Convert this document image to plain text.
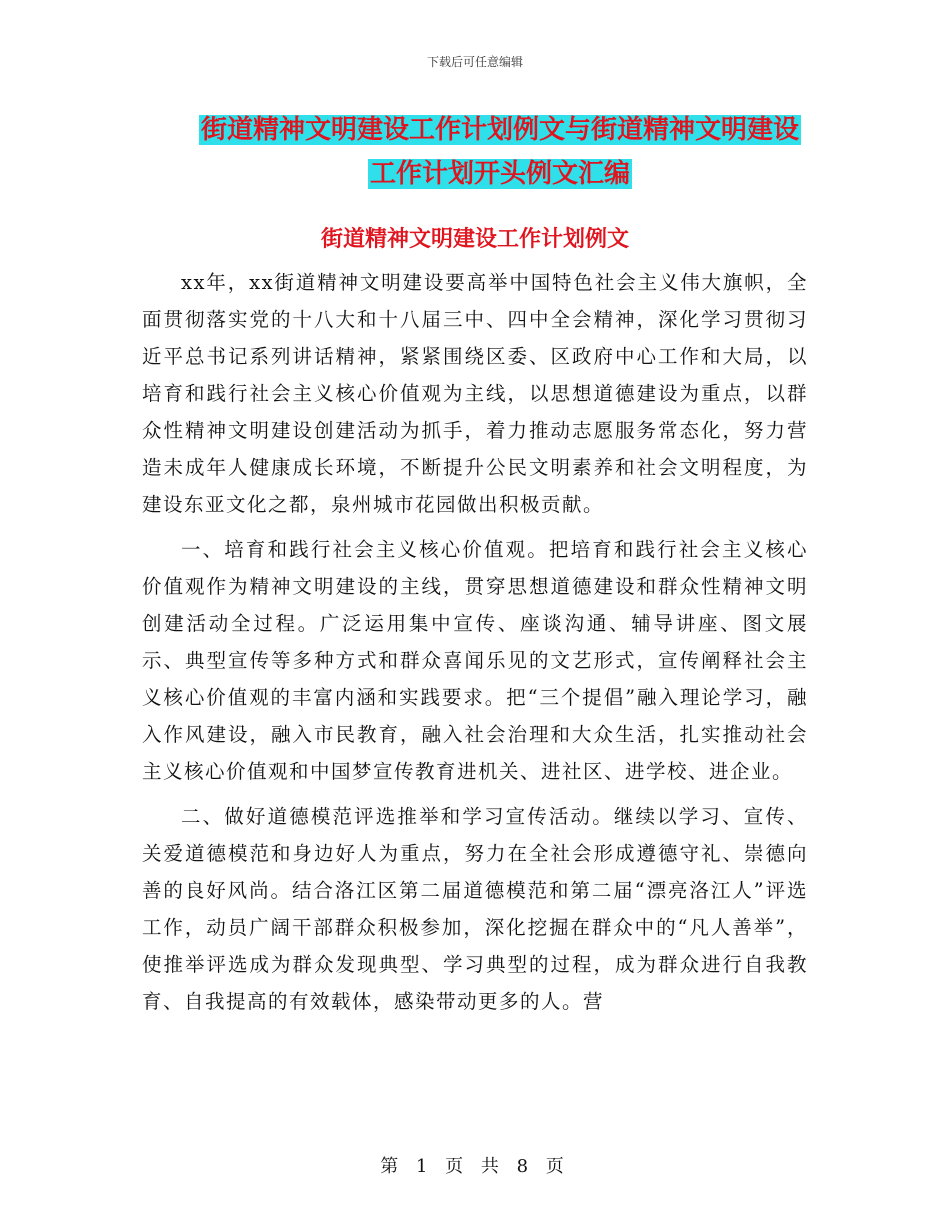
下载后可任意编辑
街道精神文明建设工作计划例文与街道精神文明建设
工作计划开头例文汇编
街道精神文明建设工作计划例文

xx年，xx街道精神文明建设要高举中国特色社会主义伟大旗帜，全面贯彻落实党的十八大和十八届三中、四中全会精神，深化学习贯彻习近平总书记系列讲话精神，紧紧围绕区委、区政府中心工作和大局，以培育和践行社会主义核心价值观为主线，以思想道德建设为重点，以群众性精神文明建设创建活动为抓手，着力推动志愿服务常态化，努力营造未成年人健康成长环境，不断提升公民文明素养和社会文明程度，为建设东亚文化之都，泉州城市花园做出积极贡献。

一、培育和践行社会主义核心价值观。把培育和践行社会主义核心价值观作为精神文明建设的主线，贯穿思想道德建设和群众性精神文明创建活动全过程。广泛运用集中宣传、座谈沟通、辅导讲座、图文展示、典型宣传等多种方式和群众喜闻乐见的文艺形式，宣传阐释社会主义核心价值观的丰富内涵和实践要求。把“三个提倡”融入理论学习，融入作风建设，融入市民教育，融入社会治理和大众生活，扎实推动社会主义核心价值观和中国梦宣传教育进机关、进社区、进学校、进企业。

二、做好道德模范评选推举和学习宣传活动。继续以学习、宣传、关爱道德模范和身边好人为重点，努力在全社会形成遵德守礼、崇德向善的良好风尚。结合洛江区第二届道德模范和第二届“漂亮洛江人”评选工作，动员广阔干部群众积极参加，深化挖掘在群众中的“凡人善举”，使推举评选成为群众发现典型、学习典型的过程，成为群众进行自我教育、自我提高的有效载体，感染带动更多的人。营

第 1 页 共 8 页
